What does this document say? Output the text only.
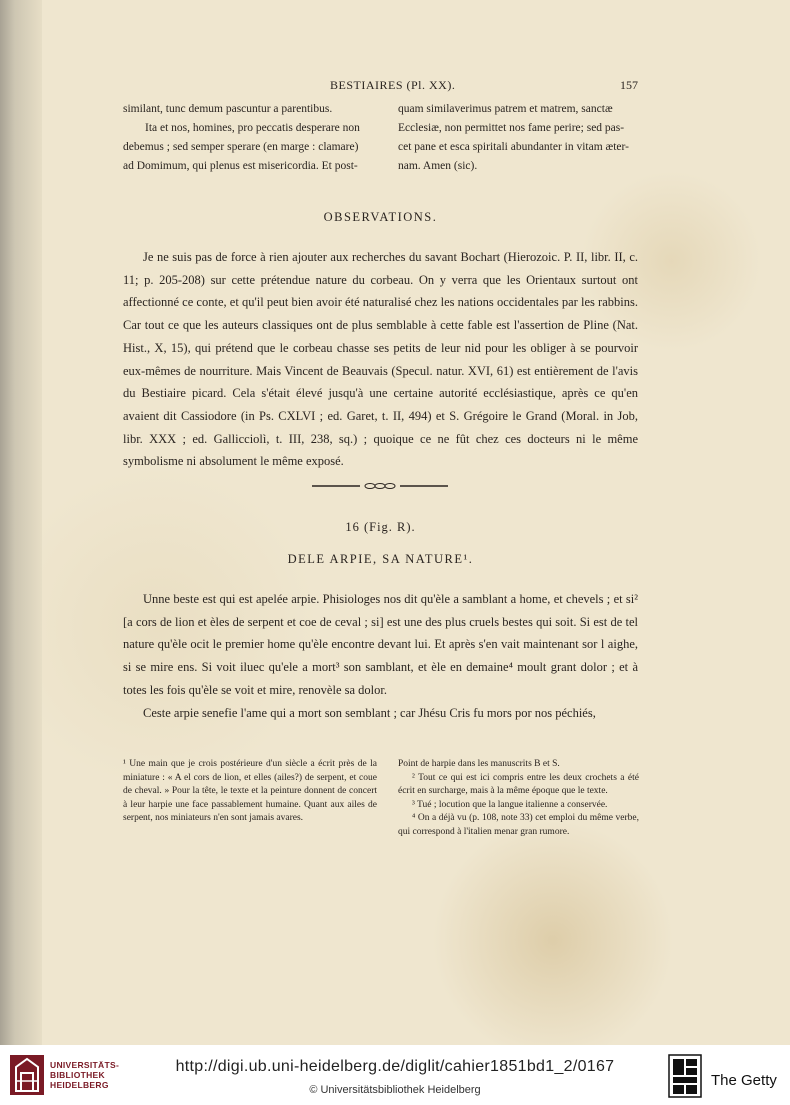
BESTIAIRES (Pl. XX).	157

similant, tunc demum pascuntur a parentibus.

Ita et nos, homines, pro peccatis desperare non

debemus ; sed semper sperare (en marge : clamare)

ad Domimum, qui plenus est misericordia. Et post-

quam similaverimus patrem et matrem, sanctæ

Ecclesiæ, non permittet nos fame perire; sed pas-

cet pane et esca spiritali abundanter in vitam æter-

nam. Amen (sic).

OBSERVATIONS.

Je ne suis pas de force à rien ajouter aux recherches du savant Bochart (Hierozoic. P. II, libr. II, c. 11; p. 205-208) sur cette prétendue nature du corbeau. On y verra que les Orientaux surtout ont affectionné ce conte, et qu'il peut bien avoir été naturalisé chez les nations occidentales par les rabbins. Car tout ce que les auteurs classiques ont de plus semblable à cette fable est l'assertion de Pline (Nat. Hist., X, 15), qui prétend que le corbeau chasse ses petits de leur nid pour les obliger à se pourvoir eux-mêmes de nourriture. Mais Vincent de Beauvais (Specul. natur. XVI, 61) est entièrement de l'avis du Bestiaire picard. Cela s'était élevé jusqu'à une certaine autorité ecclésiastique, après ce qu'en avaient dit Cassiodore (in Ps. CXLVI ; ed. Garet, t. II, 494) et S. Grégoire le Grand (Moral. in Job, libr. XXX ; ed. Gallicciolì, t. III, 238, sq.) ; quoique ce ne fût chez ces docteurs ni le même symbolisme ni absolument le même exposé.

16 (Fig. R).
DELE ARPIE, SA NATURE¹.

Unne beste est qui est apelée arpie. Phisiologes nos dit qu'èle a samblant a home, et chevels ; et si² [a cors de lion et èles de serpent et coe de ceval ; si] est une des plus cruels bestes qui soit. Si est de tel nature qu'èle ocit le premier home qu'èle encontre devant lui. Et après s'en vait maintenant sor l aighe, si se mire ens. Si voit iluec qu'ele a mort³ son samblant, et èle en demaine⁴ moult grant dolor ; et à totes les fois qu'èle se voit et mire, renovèle sa dolor.

Ceste arpie senefie l'ame qui a mort son semblant ; car Jhésu Cris fu mors por nos péchiés,

¹ Une main que je crois postérieure d'un siècle a écrit près de la miniature : « A el cors de lion, et elles (ailes?) de serpent, et coue de cheval. » Pour la tête, le texte et la peinture donnent de concert à leur harpie une face passablement humaine. Quant aux ailes de serpent, nos miniateurs n'en sont jamais avares.

Point de harpie dans les manuscrits B et S.

² Tout ce qui est ici compris entre les deux crochets a été écrit en surcharge, mais à la même époque que le texte.

³ Tué ; locution que la langue italienne a conservée.

⁴ On a déjà vu (p. 108, note 33) cet emploi du même verbe, qui correspond à l'italien menar gran rumore.

UNIVERSITÄTS-
BIBLIOTHEK
HEIDELBERG
http://digi.ub.uni-heidelberg.de/diglit/cahier1851bd1_2/0167
© Universitätsbibliothek Heidelberg
The Getty
